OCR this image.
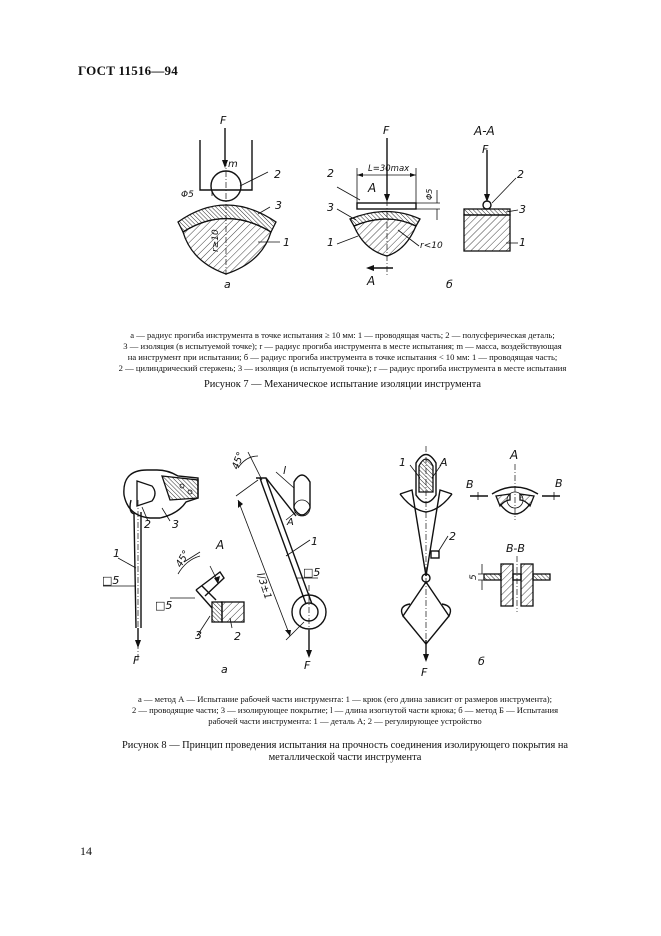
ГОСТ 11516—94
F
m
2
Φ5
3
1
r≥10
a
F
L=30max
A	Φ5
2
3
1	r<10
A	б
A-A
F
2
3
1
1
□5
2 3
F
A
45°
□5
3	2
45°	l
A
l/3±1
1
□5
F
a
1	A
2
F
б
A
B	B
B-B
5
а — радиус прогиба инструмента в точке испытания ≥ 10 мм: 1 — проводящая часть; 2 — полусферическая деталь;
3 — изоляция (в испытуемой точке); r — радиус прогиба инструмента в месте испытания; m — масса, воздействующая
на инструмент при испытании; б — радиус прогиба инструмента в точке испытания < 10 мм: 1 — проводящая часть;
2 — цилиндрический стержень; 3 — изоляция (в испытуемой точке); r — радиус прогиба инструмента в месте испытания
Рисунок 7 — Механическое испытание изоляции инструмента
а — метод А — Испытание рабочей части инструмента: 1 — крюк (его длина зависит от размеров инструмента);
2 — проводящие части; 3 — изолирующее покрытие; l — длина изогнутой части крюка; б — метод Б — Испытания
рабочей части инструмента: 1 — деталь А; 2 — регулирующее устройство
Рисунок 8 — Принцип проведения испытания на прочность соединения изолирующего покрытия на
металлической части инструмента
14
